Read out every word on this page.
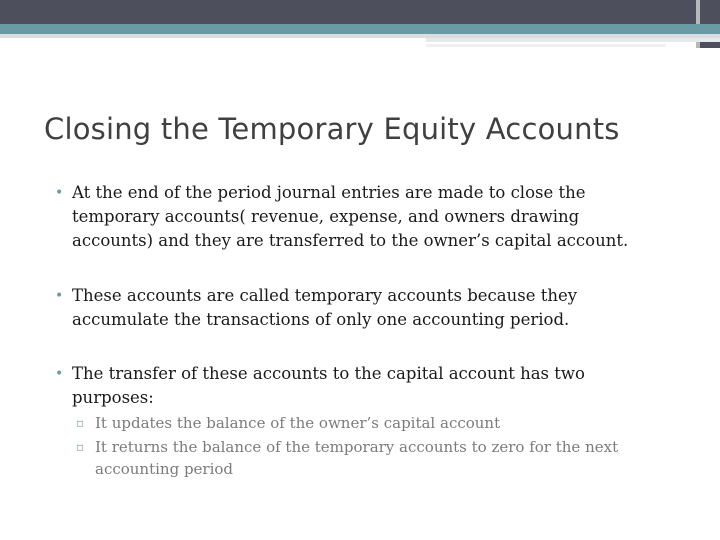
Closing the Temporary Equity Accounts
• At the end of the period journal entries are made to close the temporary accounts( revenue, expense, and owners drawing accounts) and they are transferred to the owner’s capital account.
• These accounts are called temporary accounts because they accumulate the transactions of only one accounting period.
• The transfer of these accounts to the capital account has two purposes:
▫ It updates the balance of the owner’s capital account
▫ It returns the balance of the temporary accounts to zero for the next accounting period
